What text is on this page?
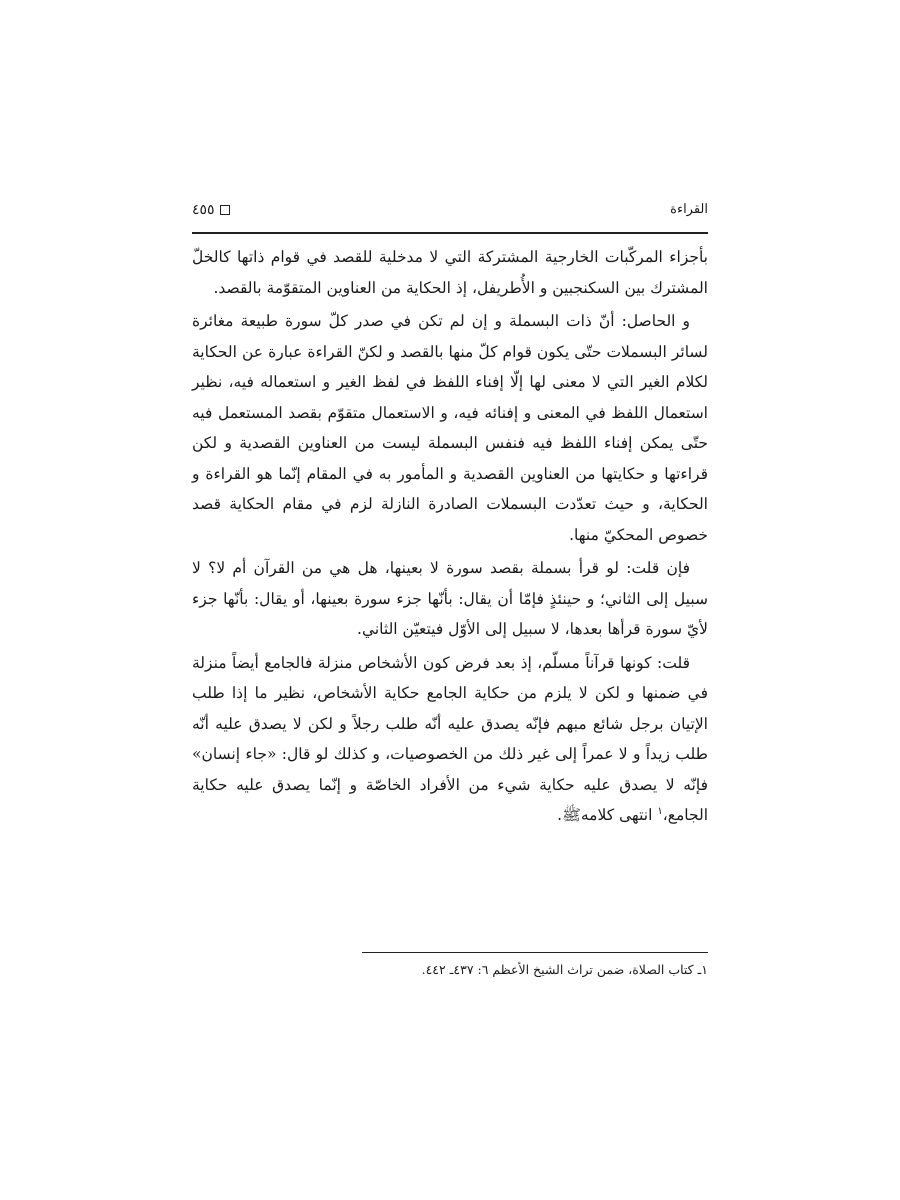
القراءة
٤٥٥

بأجزاء المركّبات الخارجية المشتركة التي لا مدخلية للقصد في قوام ذاتها كالخلّ المشترك بين السكنجبين و الأُطريفل، إذ الحكاية من العناوين المتقوّمة بالقصد.

و الحاصل: أنّ ذات البسملة و إن لم تكن في صدر كلّ سورة طبيعة مغائرة لسائر البسملات حتّى يكون قوام كلّ منها بالقصد و لكنّ القراءة عبارة عن الحكاية لكلام الغير التي لا معنى لها إلّا إفناء اللفظ في لفظ الغير و استعماله فيه، نظير استعمال اللفظ في المعنى و إفنائه فيه، و الاستعمال متقوّم بقصد المستعمل فيه حتّى يمكن إفناء اللفظ فيه فنفس البسملة ليست من العناوين القصدية و لكن قراءتها و حكايتها من العناوين القصدية و المأمور به في المقام إنّما هو القراءة و الحكاية، و حيث تعدّدت البسملات الصادرة النازلة لزم في مقام الحكاية قصد خصوص المحكيّ منها.

فإن قلت: لو قرأ بسملة بقصد سورة لا بعينها، هل هي من القرآن أم لا؟ لا سبيل إلى الثاني؛ و حينئذٍ فإمّا أن يقال: بأنّها جزء سورة بعينها، أو يقال: بأنّها جزء لأيّ سورة قرأها بعدها، لا سبيل إلى الأوّل فيتعيّن الثاني.

قلت: كونها قرآناً مسلّم، إذ بعد فرض كون الأشخاص منزلة فالجامع أيضاً منزلة في ضمنها و لكن لا يلزم من حكاية الجامع حكاية الأشخاص، نظير ما إذا طلب الإتيان برجل شائع مبهم فإنّه يصدق عليه أنّه طلب رجلاً و لكن لا يصدق عليه أنّه طلب زيداً و لا عمراً إلى غير ذلك من الخصوصيات، و كذلك لو قال: «جاء إنسان» فإنّه لا يصدق عليه حكاية شيء من الأفراد الخاصّة و إنّما يصدق عليه حكاية الجامع،$^١$ انتهى كلامهﷺ.

١ـ كتاب الصلاة، ضمن تراث الشيخ الأعظم ٦: ٤٣٧ـ ٤٤٢.
